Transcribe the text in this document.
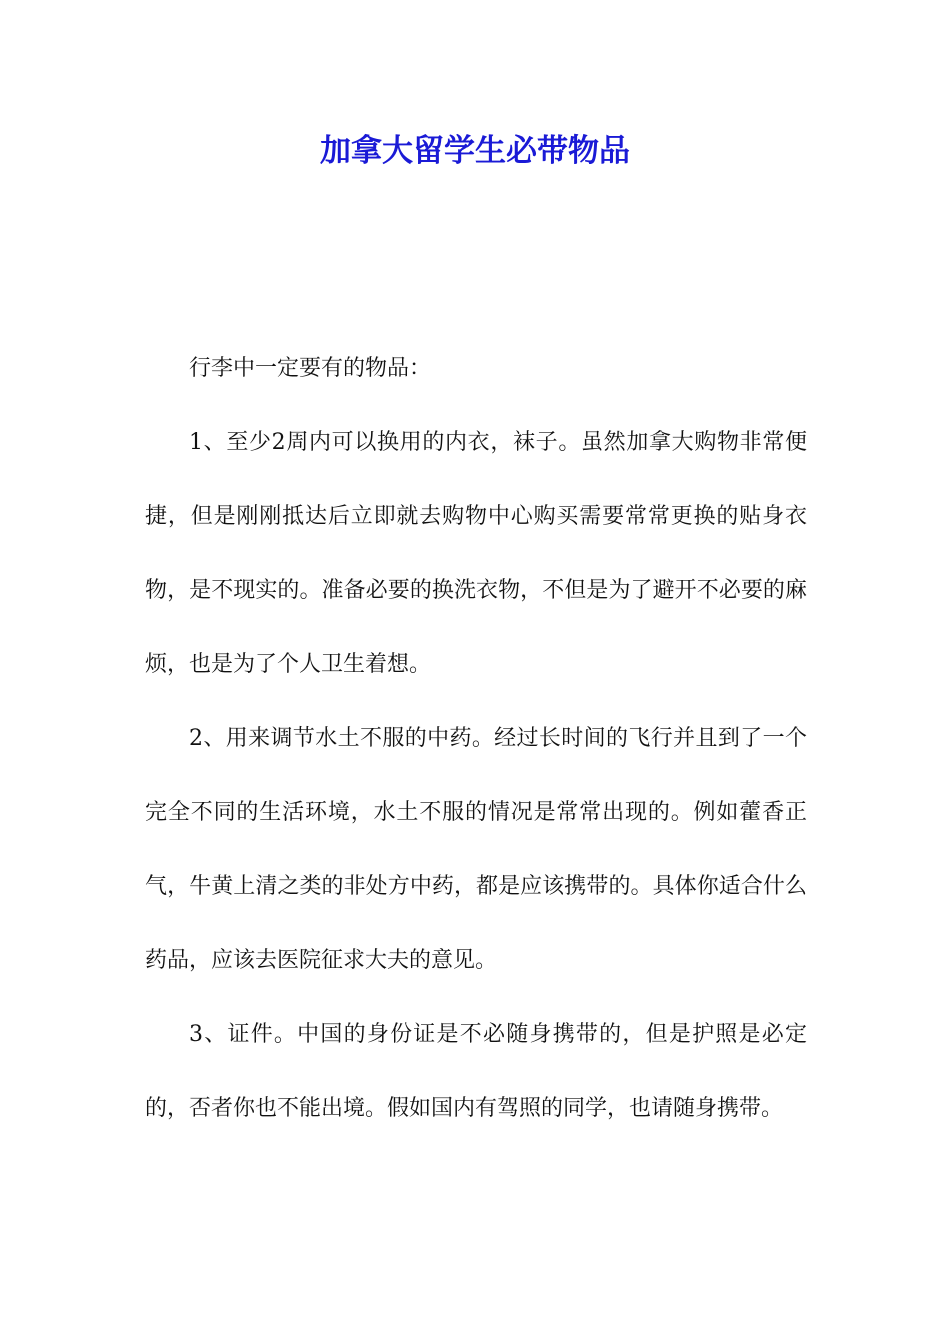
加拿大留学生必带物品

行李中一定要有的物品：

1、至少2周内可以换用的内衣，袜子。虽然加拿大购物非常便捷，但是刚刚抵达后立即就去购物中心购买需要常常更换的贴身衣物，是不现实的。准备必要的换洗衣物，不但是为了避开不必要的麻烦，也是为了个人卫生着想。

2、用来调节水土不服的中药。经过长时间的飞行并且到了一个完全不同的生活环境，水土不服的情况是常常出现的。例如藿香正气，牛黄上清之类的非处方中药，都是应该携带的。具体你适合什么药品，应该去医院征求大夫的意见。

3、证件。中国的身份证是不必随身携带的，但是护照是必定的，否者你也不能出境。假如国内有驾照的同学，也请随身携带。
